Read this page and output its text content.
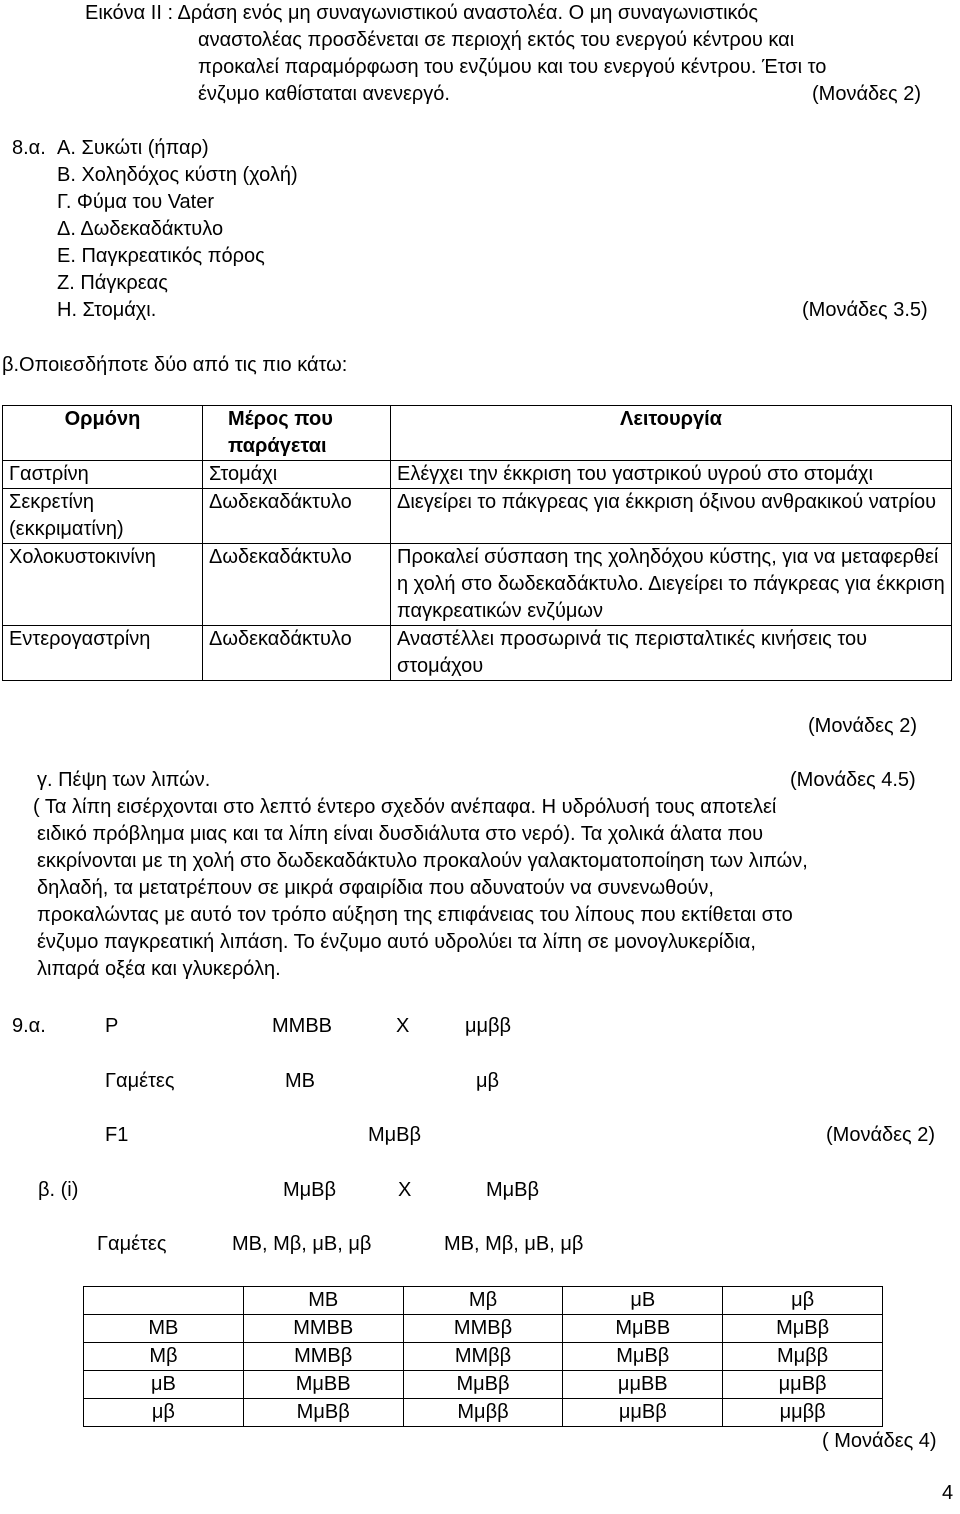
Εικόνα ΙΙ : Δράση ενός μη συναγωνιστικού αναστολέα. Ο μη συναγωνιστικός
αναστολέας προσδένεται σε περιοχή εκτός του ενεργού κέντρου και
προκαλεί παραμόρφωση του ενζύμου και του ενεργού κέντρου. Έτσι το
ένζυμο καθίσταται ανενεργό.	(Μονάδες 2)
8.α. Α. Συκώτι (ήπαρ)
Β. Χοληδόχος κύστη (χολή)
Γ. Φύμα του Vater
Δ. Δωδεκαδάκτυλο
Ε. Παγκρεατικός πόρος
Ζ. Πάγκρεας
Η. Στομάχι.	(Μονάδες 3.5)
β.Οποιεσδήποτε δύο από τις πιο κάτω:
Ορμόνη	Μέρος που παράγεται	Λειτουργία
Γαστρίνη	Στομάχι	Ελέγχει την έκκριση του γαστρικού υγρού στο στομάχι
Σεκρετίνη (εκκριματίνη)	Δωδεκαδάκτυλο	Διεγείρει το πάκγρεας για έκκριση όξινου ανθρακικού νατρίου
Χολοκυστοκινίνη	Δωδεκαδάκτυλο	Προκαλεί σύσπαση της χοληδόχου κύστης, για να μεταφερθεί η χολή στο δωδεκαδάκτυλο. Διεγείρει το πάγκρεας για έκκριση παγκρεατικών ενζύμων
Εντερογαστρίνη	Δωδεκαδάκτυλο	Αναστέλλει προσωρινά τις περισταλτικές κινήσεις του στομάχου
(Μονάδες 2)
γ. Πέψη των λιπών.	(Μονάδες 4.5)
( Τα λίπη εισέρχονται στο λεπτό έντερο σχεδόν ανέπαφα. Η υδρόλυσή τους αποτελεί
ειδικό πρόβλημα μιας και τα λίπη είναι δυσδιάλυτα στο νερό). Τα χολικά άλατα που
εκκρίνονται με τη χολή στο δωδεκαδάκτυλο προκαλούν γαλακτοματοποίηση των λιπών,
δηλαδή, τα μετατρέπουν σε μικρά σφαιρίδια που αδυνατούν να συνενωθούν,
προκαλώντας με αυτό τον τρόπο αύξηση της επιφάνειας του λίπους που εκτίθεται στο
ένζυμο παγκρεατική λιπάση. Το ένζυμο αυτό υδρολύει τα λίπη σε μονογλυκερίδια,
λιπαρά οξέα και γλυκερόλη.
9.α.	P	ΜΜΒΒ	X	μμββ
Γαμέτες	ΜΒ	μβ
F1	ΜμΒβ	(Μονάδες 2)
β. (i)	ΜμΒβ	X	ΜμΒβ
Γαμέτες	ΜΒ, Μβ, μΒ, μβ	ΜΒ, Μβ, μΒ, μβ
	ΜΒ	Μβ	μΒ	μβ
ΜΒ	ΜΜΒΒ	ΜΜΒβ	ΜμΒΒ	ΜμΒβ
Μβ	ΜΜΒβ	ΜΜββ	ΜμΒβ	Μμββ
μΒ	ΜμΒΒ	ΜμΒβ	μμΒΒ	μμΒβ
μβ	ΜμΒβ	Μμββ	μμΒβ	μμββ
( Μονάδες 4)
4
